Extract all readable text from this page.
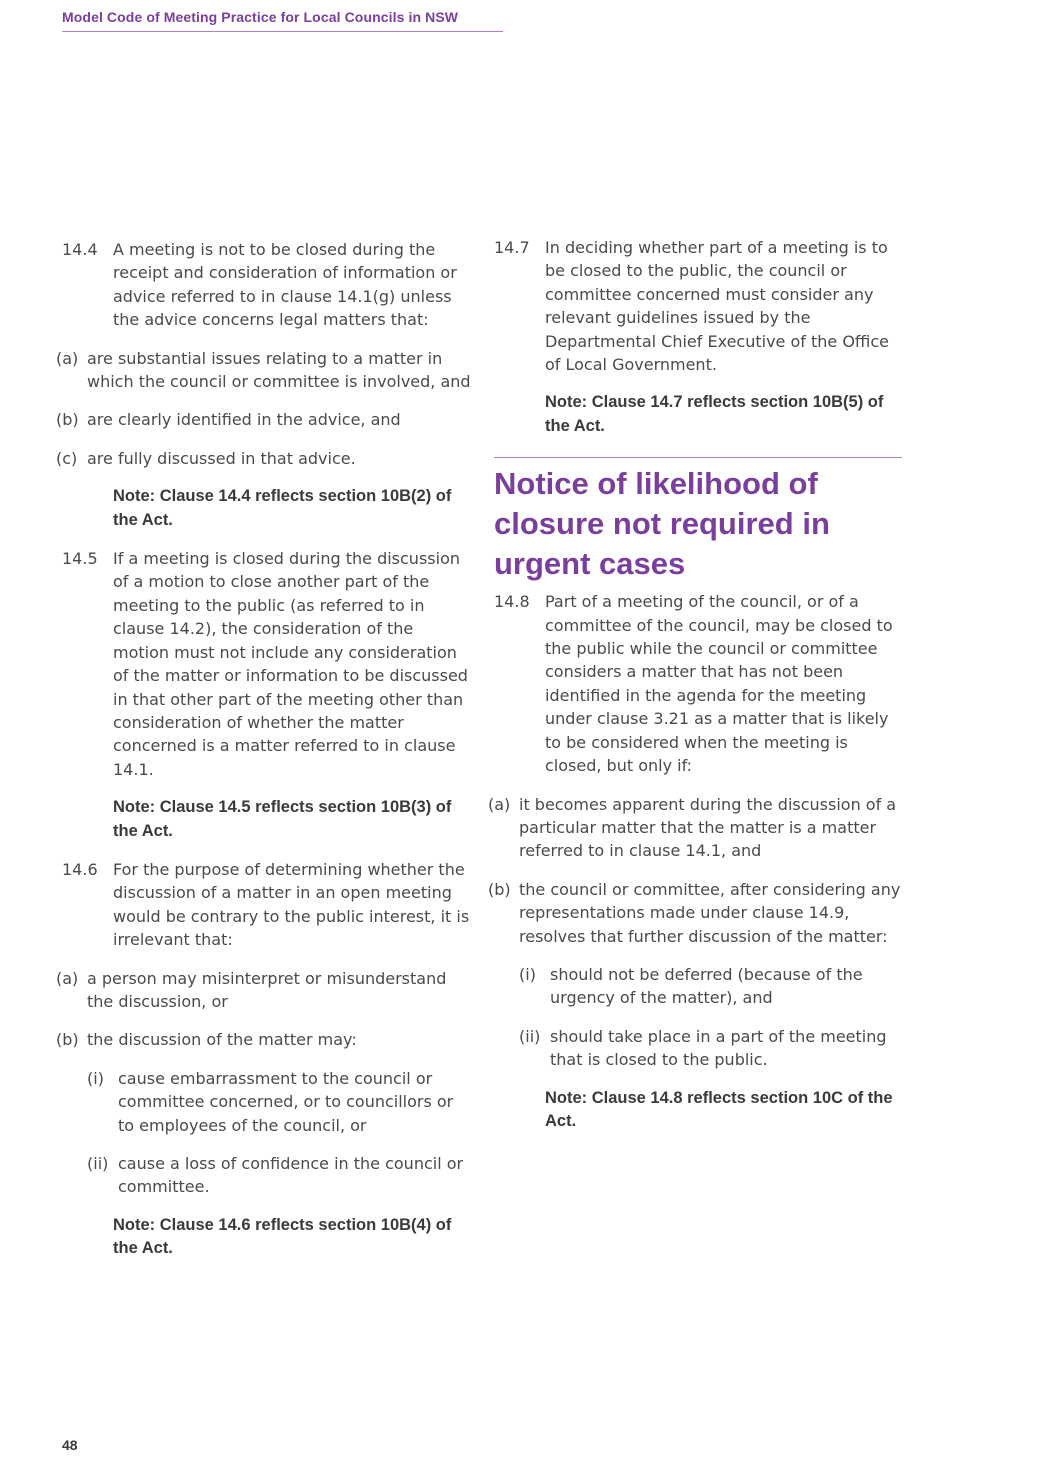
Model Code of Meeting Practice for Local Councils in NSW
14.4 A meeting is not to be closed during the receipt and consideration of information or advice referred to in clause 14.1(g) unless the advice concerns legal matters that:
(a) are substantial issues relating to a matter in which the council or committee is involved, and
(b) are clearly identified in the advice, and
(c) are fully discussed in that advice.
Note: Clause 14.4 reflects section 10B(2) of the Act.
14.5 If a meeting is closed during the discussion of a motion to close another part of the meeting to the public (as referred to in clause 14.2), the consideration of the motion must not include any consideration of the matter or information to be discussed in that other part of the meeting other than consideration of whether the matter concerned is a matter referred to in clause 14.1.
Note: Clause 14.5 reflects section 10B(3) of the Act.
14.6 For the purpose of determining whether the discussion of a matter in an open meeting would be contrary to the public interest, it is irrelevant that:
(a) a person may misinterpret or misunderstand the discussion, or
(b) the discussion of the matter may:
(i) cause embarrassment to the council or committee concerned, or to councillors or to employees of the council, or
(ii) cause a loss of confidence in the council or committee.
Note: Clause 14.6 reflects section 10B(4) of the Act.
14.7 In deciding whether part of a meeting is to be closed to the public, the council or committee concerned must consider any relevant guidelines issued by the Departmental Chief Executive of the Office of Local Government.
Note: Clause 14.7 reflects section 10B(5) of the Act.
Notice of likelihood of closure not required in urgent cases
14.8 Part of a meeting of the council, or of a committee of the council, may be closed to the public while the council or committee considers a matter that has not been identified in the agenda for the meeting under clause 3.21 as a matter that is likely to be considered when the meeting is closed, but only if:
(a) it becomes apparent during the discussion of a particular matter that the matter is a matter referred to in clause 14.1, and
(b) the council or committee, after considering any representations made under clause 14.9, resolves that further discussion of the matter:
(i) should not be deferred (because of the urgency of the matter), and
(ii) should take place in a part of the meeting that is closed to the public.
Note: Clause 14.8 reflects section 10C of the Act.
48
